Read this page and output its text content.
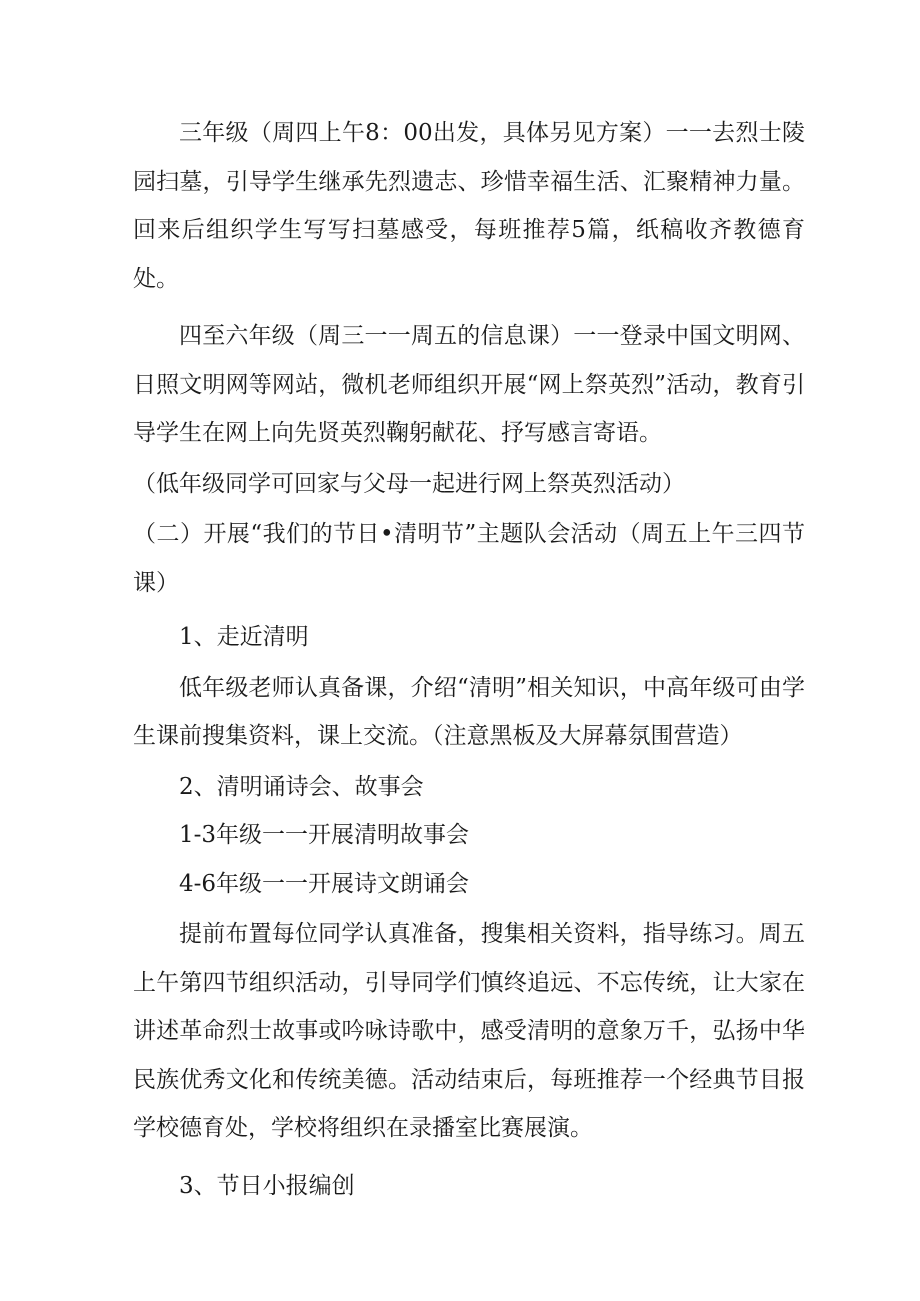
三年级（周四上午8：00出发，具体另见方案）一一去烈士陵园扫墓，引导学生继承先烈遗志、珍惜幸福生活、汇聚精神力量。回来后组织学生写写扫墓感受，每班推荐5篇，纸稿收齐教德育处。

四至六年级（周三一一周五的信息课）一一登录中国文明网、日照文明网等网站，微机老师组织开展“网上祭英烈”活动，教育引导学生在网上向先贤英烈鞠躬献花、抒写感言寄语。

（低年级同学可回家与父母一起进行网上祭英烈活动）

（二）开展“我们的节日•清明节”主题队会活动（周五上午三四节课）

1、走近清明

低年级老师认真备课，介绍“清明”相关知识，中高年级可由学生课前搜集资料，课上交流。（注意黑板及大屏幕氛围营造）

2、清明诵诗会、故事会

1-3年级一一开展清明故事会

4-6年级一一开展诗文朗诵会

提前布置每位同学认真准备，搜集相关资料，指导练习。周五上午第四节组织活动，引导同学们慎终追远、不忘传统，让大家在讲述革命烈士故事或吟咏诗歌中，感受清明的意象万千，弘扬中华民族优秀文化和传统美德。活动结束后，每班推荐一个经典节目报学校德育处，学校将组织在录播室比赛展演。

3、节日小报编创
